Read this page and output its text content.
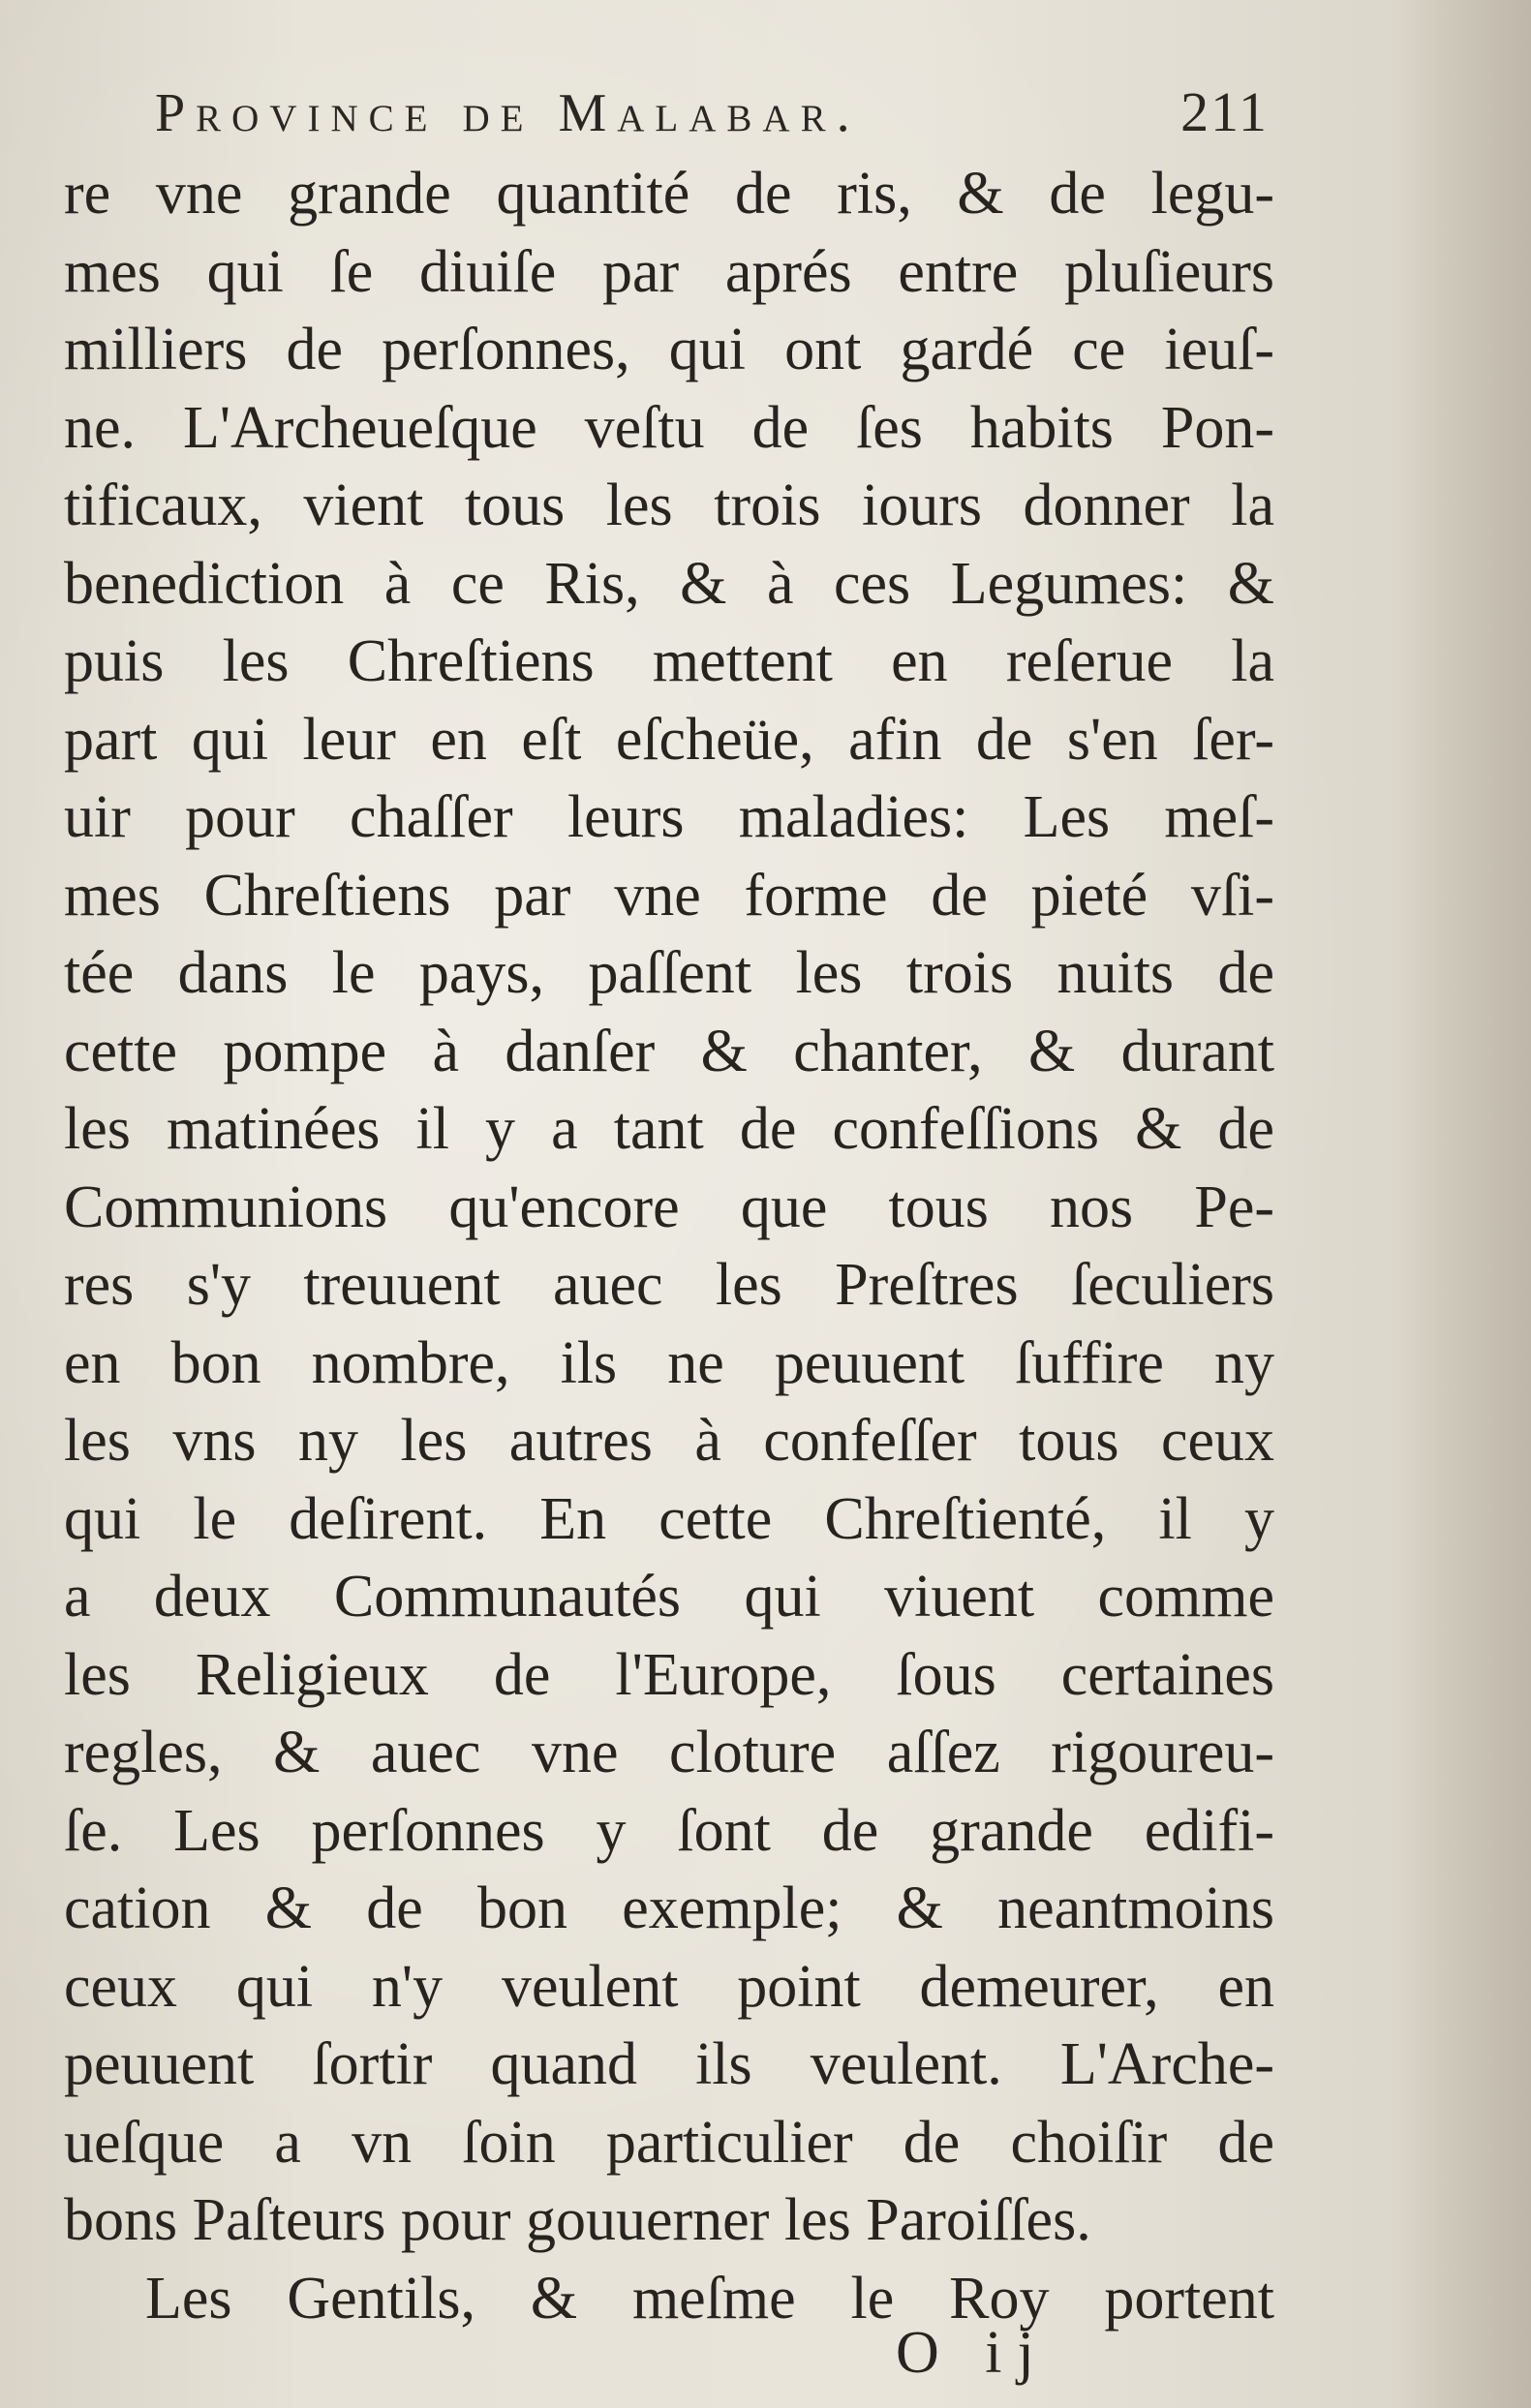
Province de Malabar.	211
re vne grande quantité de ris, & de legu-
mes qui ſe diuiſe par aprés entre pluſieurs
milliers de perſonnes, qui ont gardé ce ieuſ-
ne. L'Archeueſque veſtu de ſes habits Pon-
tificaux, vient tous les trois iours donner la
benediction à ce Ris, & à ces Legumes: &
puis les Chreſtiens mettent en reſerue la
part qui leur en eſt eſcheüe, afin de s'en ſer-
uir pour chaſſer leurs maladies: Les meſ-
mes Chreſtiens par vne forme de pieté vſi-
tée dans le pays, paſſent les trois nuits de
cette pompe à danſer & chanter, & durant
les matinées il y a tant de confeſſions & de
Communions qu'encore que tous nos Pe-
res s'y treuuent auec les Preſtres ſeculiers
en bon nombre, ils ne peuuent ſuffire ny
les vns ny les autres à confeſſer tous ceux
qui le deſirent. En cette Chreſtienté, il y
a deux Communautés qui viuent comme
les Religieux de l'Europe, ſous certaines
regles, & auec vne cloture aſſez rigoureu-
ſe. Les perſonnes y ſont de grande edifi-
cation & de bon exemple; & neantmoins
ceux qui n'y veulent point demeurer, en
peuuent ſortir quand ils veulent. L'Arche-
ueſque a vn ſoin particulier de choiſir de
bons Paſteurs pour gouuerner les Paroiſſes.
Les Gentils, & meſme le Roy portent
O ij
